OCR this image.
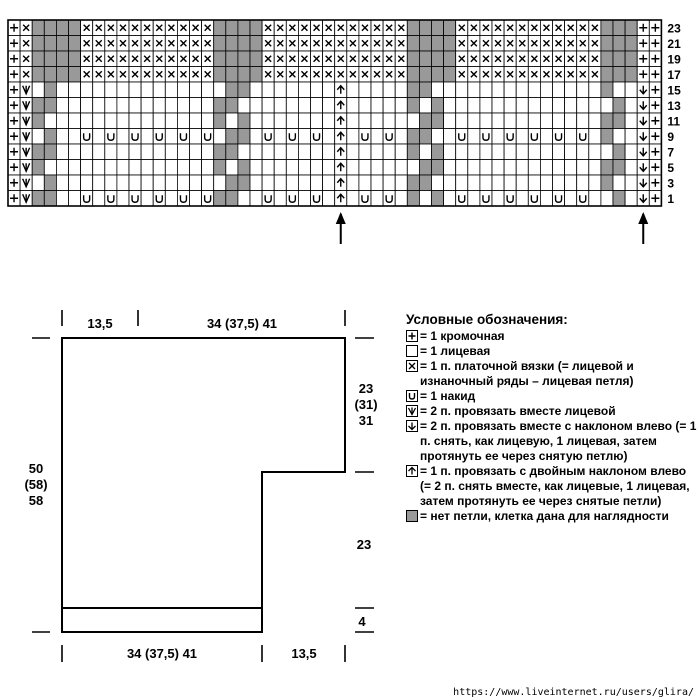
23
21
19
17
15
13
11
9
7
5
3
1
13,5	34 (37,5) 41
34 (37,5) 41	13,5
50
(58)
58
23
(31)
31
23
4
Условные обозначения:
= 1 кромочная
= 1 лицевая
= 1 п. платочной вязки (= лицевой и изнаночный ряды – лицевая петля)
= 1 накид
= 2 п. провязать вместе лицевой
= 2 п. провязать вместе с наклоном влево (= 1 п. снять, как лицевую, 1 лицевая, затем протянуть ее через снятую петлю)
= 1 п. провязать с двойным наклоном влево (= 2 п. снять вместе, как лицевые, 1 лицевая, затем протянуть ее через снятые петли)
= нет петли, клетка дана для наглядности
https://www.liveinternet.ru/users/glira/
